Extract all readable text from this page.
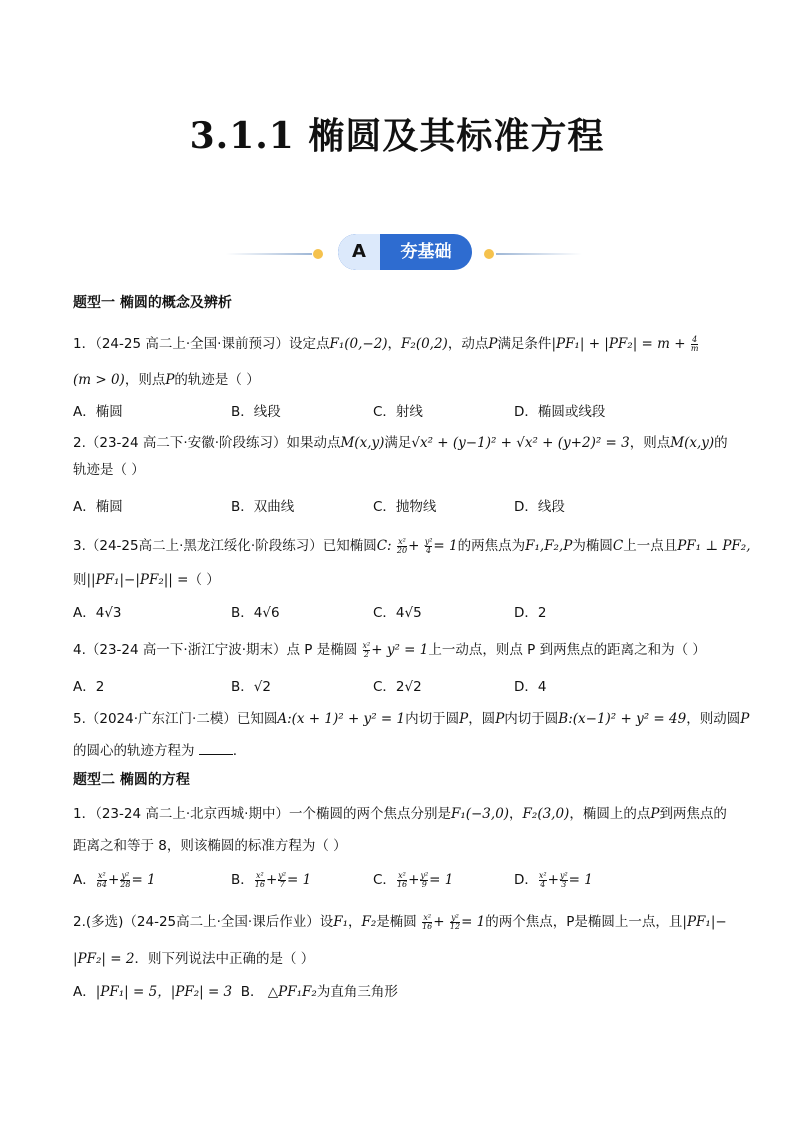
3.1.1 椭圆及其标准方程
A	夯基础
题型一 椭圆的概念及辨析
1．（24-25 高二上·全国·课前预习）设定点F₁(0,−2)，F₂(0,2)，动点P满足条件$|PF_1| + |PF_2| = m + \frac{4}{m}$
(m > 0)，则点P的轨迹是（ ）
A．椭圆	B．线段	C．射线	D．椭圆或线段
2.（23-24 高二下·安徽·阶段练习）如果动点M(x,y)满足√x² + (y−1)² + √x² + (y+2)² = 3，则点M(x,y)的
轨迹是（ ）
A．椭圆	B．双曲线	C．抛物线	D．线段
3.（24-25高二上·黑龙江绥化·阶段练习）已知椭圆C: $\frac{\text{x²}}{20} + \frac{\text{y²}}{4} = 1$的两焦点为F₁,F₂,P为椭圆C上一点且PF₁ ⊥ PF₂,
则||PF₁|−|PF₂|| =（ ）
A．4√3	B．4√6	C．4√5	D．2
4.（23-24 高一下·浙江宁波·期末）点 P 是椭圆 $\frac{\text{x²}}{2} + y^2 = 1$上一动点，则点 P 到两焦点的距离之和为（ ）
A．2	B．√2	C．2√2	D．4
5.（2024·广东江门·二模）已知圆A:(x + 1)² + y² = 1内切于圆P，圆P内切于圆B:(x−1)² + y² = 49，则动圆P
的圆心的轨迹方程为	.
题型二 椭圆的方程
1．（23-24 高二上·北京西城·期中）一个椭圆的两个焦点分别是F₁(−3,0)，F₂(3,0)，椭圆上的点P到两焦点的
距离之和等于 8，则该椭圆的标准方程为（ ）
A． $\frac{\text{x²}}{64} + \frac{\text{y²}}{28} = 1$	B． $\frac{\text{x²}}{16} + \frac{\text{y²}}{7} = 1$	C． $\frac{\text{x²}}{16} + \frac{\text{y²}}{9} = 1$	D． $\frac{\text{x²}}{4} + \frac{\text{y²}}{3} = 1$
2.(多选)（24-25高二上·全国·课后作业）设F₁，F₂是椭圆 $\frac{\text{x²}}{16} + \frac{\text{y²}}{12} = 1$的两个焦点，P是椭圆上一点，且|PF₁|−
|PF₂| = 2．则下列说法中正确的是（ ）
A．|PF₁| = 5，|PF₂| = 3 B． △PF₁F₂为直角三角形
